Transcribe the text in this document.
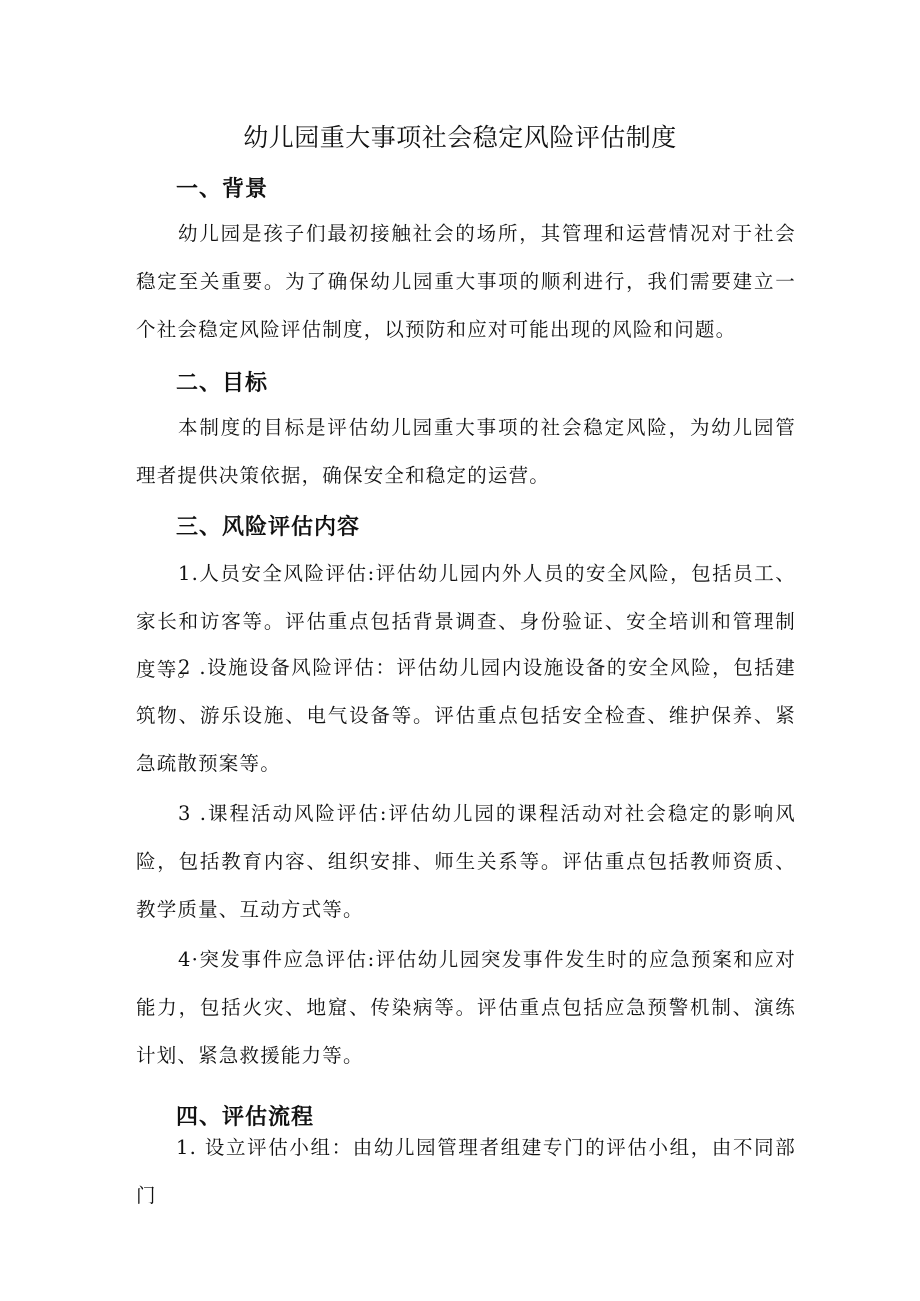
幼儿园重大事项社会稳定风险评估制度
一、背景
幼儿园是孩子们最初接触社会的场所，其管理和运营情况对于社会稳定至关重要。为了确保幼儿园重大事项的顺利进行，我们需要建立一个社会稳定风险评估制度，以预防和应对可能出现的风险和问题。
二、目标
本制度的目标是评估幼儿园重大事项的社会稳定风险，为幼儿园管理者提供决策依据，确保安全和稳定的运营。
三、风险评估内容
1.人员安全风险评估:评估幼儿园内外人员的安全风险，包括员工、家长和访客等。评估重点包括背景调查、身份验证、安全培训和管理制度等。
2 .设施设备风险评估：评估幼儿园内设施设备的安全风险，包括建筑物、游乐设施、电气设备等。评估重点包括安全检查、维护保养、紧急疏散预案等。
3 .课程活动风险评估:评估幼儿园的课程活动对社会稳定的影响风险，包括教育内容、组织安排、师生关系等。评估重点包括教师资质、教学质量、互动方式等。
4·突发事件应急评估:评估幼儿园突发事件发生时的应急预案和应对能力，包括火灾、地窟、传染病等。评估重点包括应急预警机制、演练计划、紧急救援能力等。
四、评估流程
1. 设立评估小组：由幼儿园管理者组建专门的评估小组，由不同部门
